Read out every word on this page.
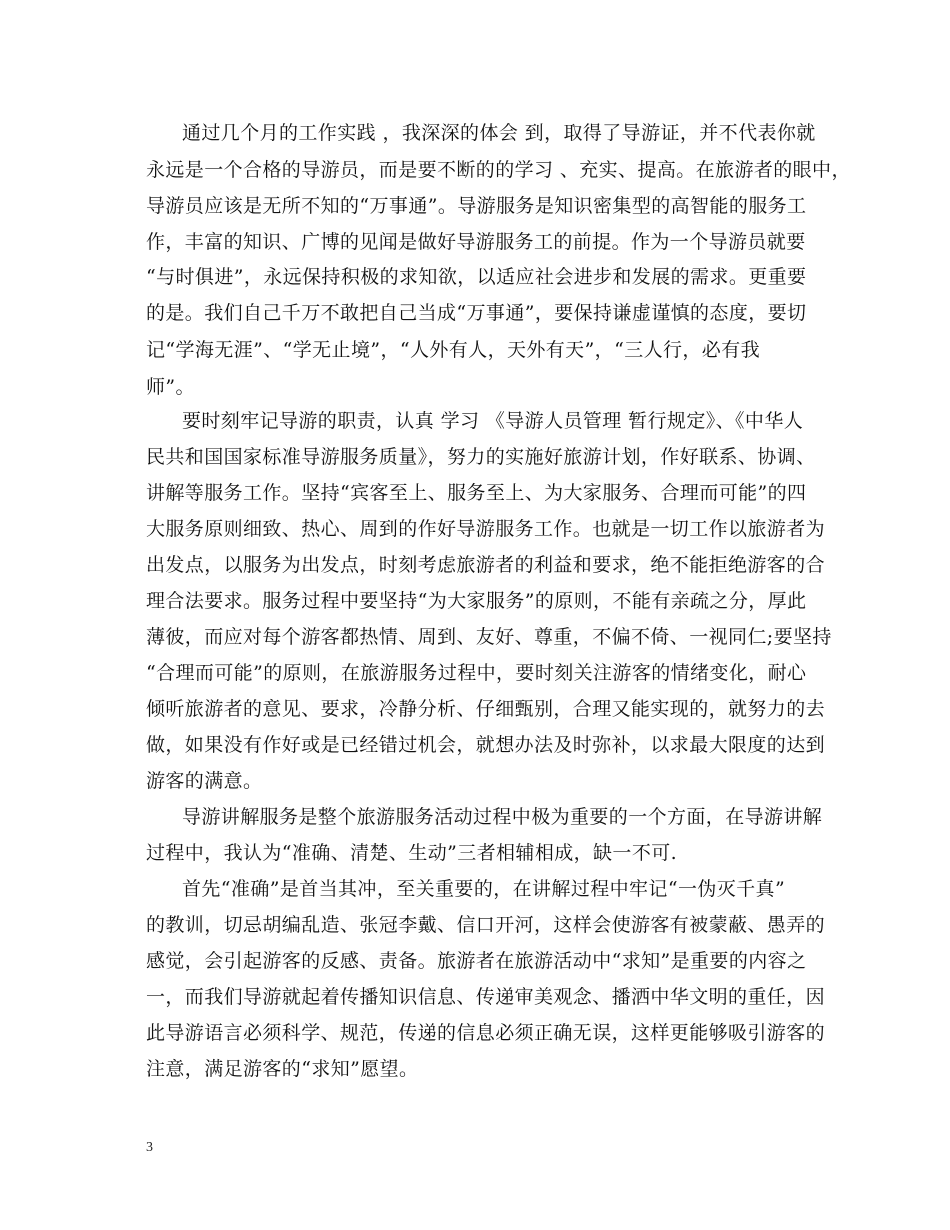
通过几个月的工作实践 ，我深深的体会 到，取得了导游证，并不代表你就
永远是一个合格的导游员，而是要不断的的学习 、充实、提高。在旅游者的眼中，
导游员应该是无所不知的“万事通”。导游服务是知识密集型的高智能的服务工
作，丰富的知识、广博的见闻是做好导游服务工的前提。作为一个导游员就要
“与时俱进”，永远保持积极的求知欲，以适应社会进步和发展的需求。更重要
的是。我们自己千万不敢把自己当成“万事通”，要保持谦虚谨慎的态度，要切
记“学海无涯”、“学无止境”，“人外有人，天外有天”，“三人行，必有我
师”。
要时刻牢记导游的职责，认真 学习 《导游人员管理 暂行规定》、《中华人
民共和国国家标准导游服务质量》，努力的实施好旅游计划，作好联系、协调、
讲解等服务工作。坚持“宾客至上、服务至上、为大家服务、合理而可能”的四
大服务原则细致、热心、周到的作好导游服务工作。也就是一切工作以旅游者为
出发点，以服务为出发点，时刻考虑旅游者的利益和要求，绝不能拒绝游客的合
理合法要求。服务过程中要坚持“为大家服务”的原则，不能有亲疏之分，厚此
薄彼，而应对每个游客都热情、周到、友好、尊重，不偏不倚、一视同仁;要坚持
“合理而可能”的原则，在旅游服务过程中，要时刻关注游客的情绪变化，耐心
倾听旅游者的意见、要求，冷静分析、仔细甄别，合理又能实现的，就努力的去
做，如果没有作好或是已经错过机会，就想办法及时弥补，以求最大限度的达到
游客的满意。
导游讲解服务是整个旅游服务活动过程中极为重要的一个方面，在导游讲解
过程中，我认为“准确、清楚、生动”三者相辅相成，缺一不可.
首先“准确”是首当其冲，至关重要的，在讲解过程中牢记“一伪灭千真”
的教训，切忌胡编乱造、张冠李戴、信口开河，这样会使游客有被蒙蔽、愚弄的
感觉，会引起游客的反感、责备。旅游者在旅游活动中“求知”是重要的内容之
一，而我们导游就起着传播知识信息、传递审美观念、播洒中华文明的重任，因
此导游语言必须科学、规范，传递的信息必须正确无误，这样更能够吸引游客的
注意，满足游客的“求知”愿望。
3
